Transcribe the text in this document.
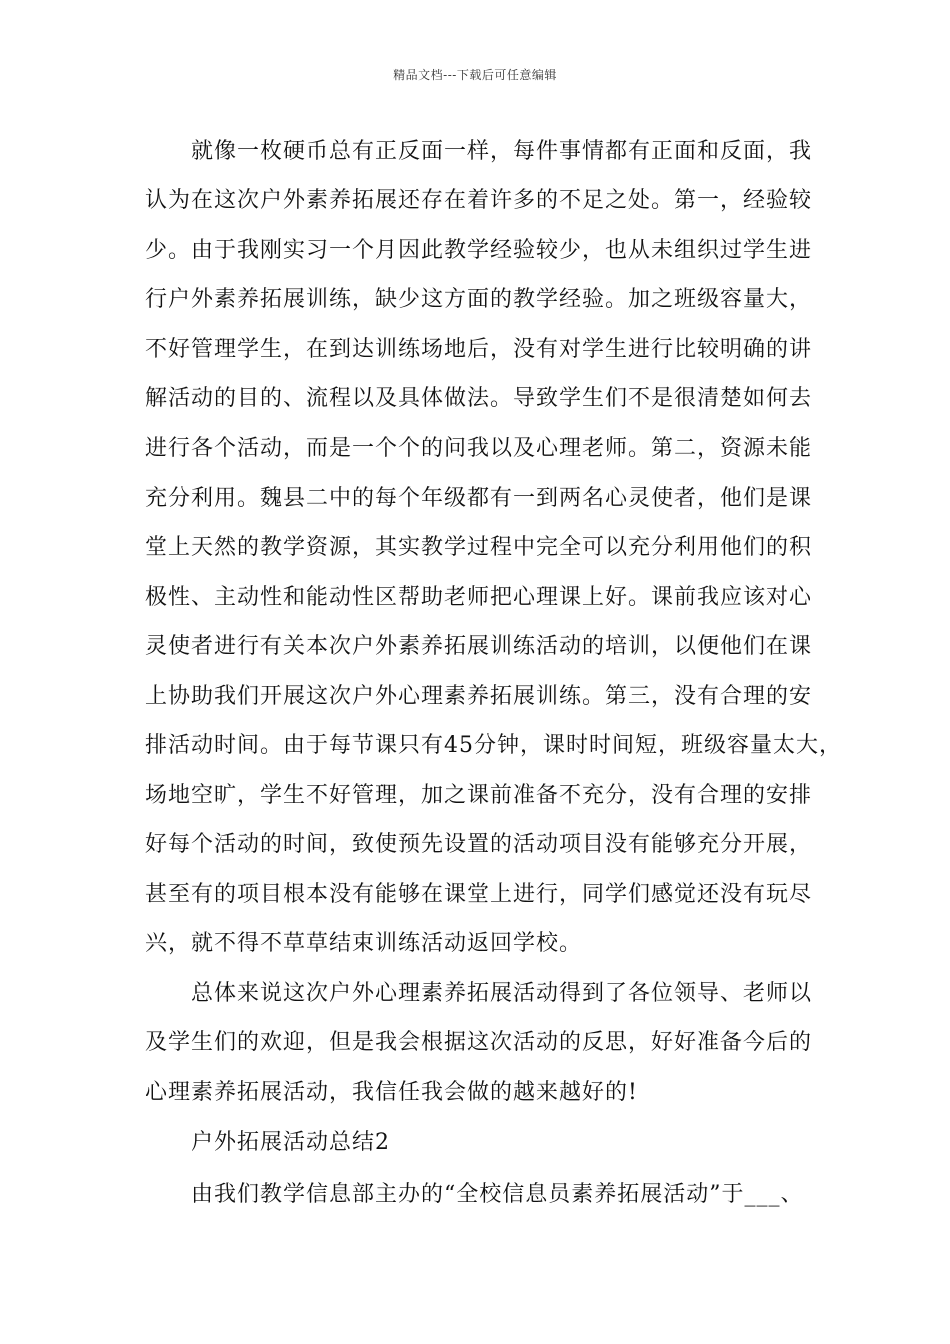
精品文档---下载后可任意编辑
　　就像一枚硬币总有正反面一样，每件事情都有正面和反面，我
认为在这次户外素养拓展还存在着许多的不足之处。第一，经验较
少。由于我刚实习一个月因此教学经验较少，也从未组织过学生进
行户外素养拓展训练，缺少这方面的教学经验。加之班级容量大，
不好管理学生，在到达训练场地后，没有对学生进行比较明确的讲
解活动的目的、流程以及具体做法。导致学生们不是很清楚如何去
进行各个活动，而是一个个的问我以及心理老师。第二，资源未能
充分利用。魏县二中的每个年级都有一到两名心灵使者，他们是课
堂上天然的教学资源，其实教学过程中完全可以充分利用他们的积
极性、主动性和能动性区帮助老师把心理课上好。课前我应该对心
灵使者进行有关本次户外素养拓展训练活动的培训，以便他们在课
上协助我们开展这次户外心理素养拓展训练。第三，没有合理的安
排活动时间。由于每节课只有45分钟，课时时间短，班级容量太大，
场地空旷，学生不好管理，加之课前准备不充分，没有合理的安排
好每个活动的时间，致使预先设置的活动项目没有能够充分开展，
甚至有的项目根本没有能够在课堂上进行，同学们感觉还没有玩尽
兴，就不得不草草结束训练活动返回学校。
　　总体来说这次户外心理素养拓展活动得到了各位领导、老师以
及学生们的欢迎，但是我会根据这次活动的反思，好好准备今后的
心理素养拓展活动，我信任我会做的越来越好的!
　　户外拓展活动总结2
　　由我们教学信息部主办的“全校信息员素养拓展活动”于___、
